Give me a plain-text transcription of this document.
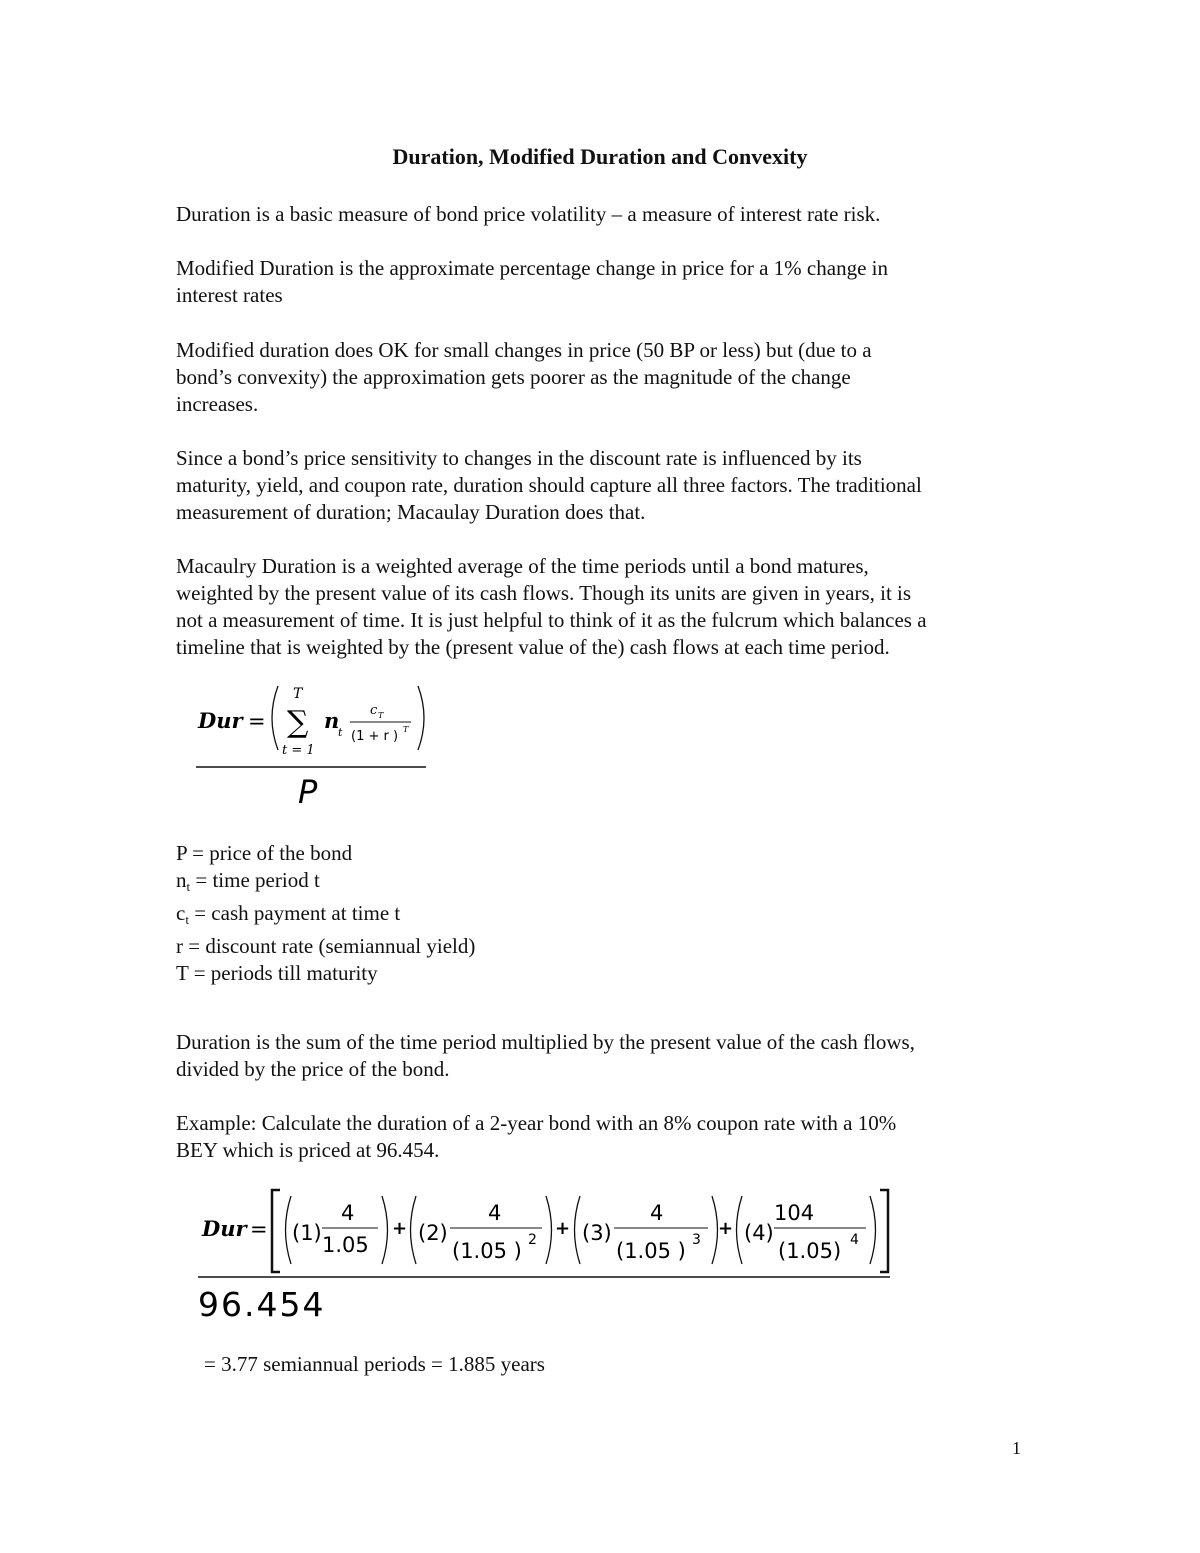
Duration, Modified Duration and Convexity

Duration is a basic measure of bond price volatility – a measure of interest rate risk.

Modified Duration is the approximate percentage change in price for a 1% change in
interest rates

Modified duration does OK for small changes in price (50 BP or less) but (due to a
bond’s convexity) the approximation gets poorer as the magnitude of the change
increases.

Since a bond’s price sensitivity to changes in the discount rate is influenced by its
maturity, yield, and coupon rate, duration should capture all three factors. The traditional
measurement of duration; Macaulay Duration does that.

Macaulry Duration is a weighted average of the time periods until a bond matures,
weighted by the present value of its cash flows. Though its units are given in years, it is
not a measurement of time. It is just helpful to think of it as the fulcrum which balances a
timeline that is weighted by the (present value of the) cash flows at each time period.

Dur =
T
∑
t = 1
n
t
c T
(1 + r ) T
P
P = price of the bond
$n_t$ = time period t
$c_t$ = cash payment at time t
r = discount rate (semiannual yield)
T = periods till maturity

Duration is the sum of the time period multiplied by the present value of the cash flows,
divided by the price of the bond.

Example: Calculate the duration of a 2-year bond with an 8% coupon rate with a 10%
BEY which is priced at 96.454.

Dur = (1)
4
1.05
+ (2)
4
(1.05 ) 2
+ (3)
4
(1.05 ) 3
+ (4)
104
(1.05) 4
96.454
= 3.77 semiannual periods = 1.885 years
1
